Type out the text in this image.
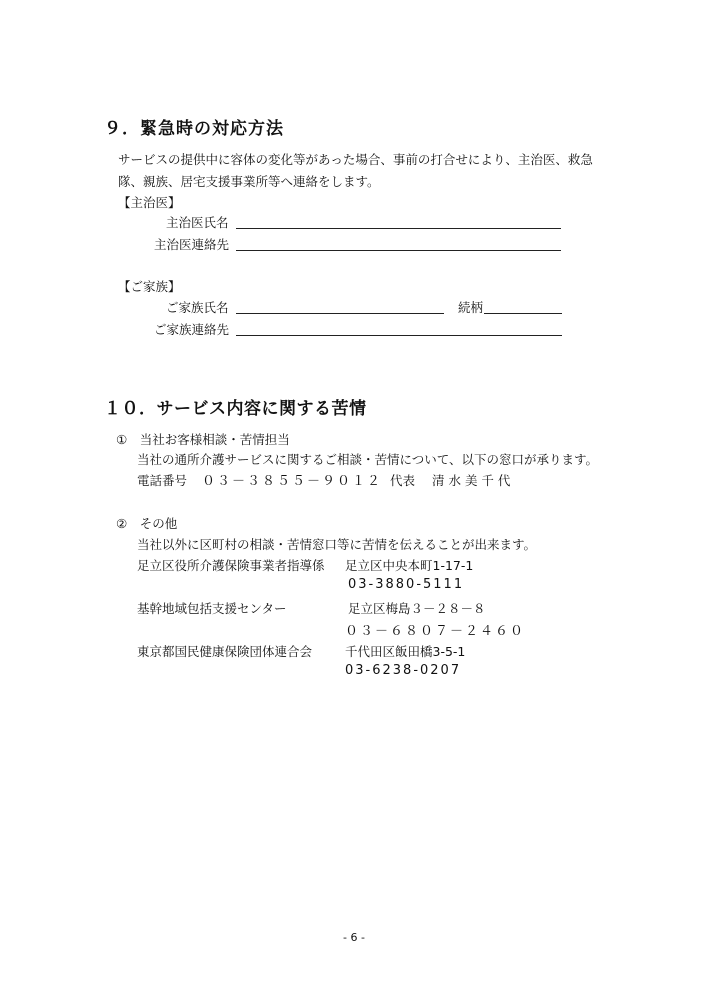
９．緊急時の対応方法
サービスの提供中に容体の変化等があった場合、事前の打合せにより、主治医、救急
隊、親族、居宅支援事業所等へ連絡をします。
【主治医】
主治医氏名
主治医連絡先
【ご家族】
ご家族氏名	続柄
ご家族連絡先
１０．サービス内容に関する苦情
①　当社お客様相談・苦情担当
当社の通所介護サービスに関するご相談・苦情について、以下の窓口が承ります。
電話番号 ０３－３８５５－９０１２ 代表 清 水 美 千 代
②　その他
当社以外に区町村の相談・苦情窓口等に苦情を伝えることが出来ます。
足立区役所介護保険事業者指導係 足立区中央本町1-17-1
03-3880-5111
基幹地域包括支援センター	足立区梅島３－２８－８
０３－６８０７－２４６０
東京都国民健康保険団体連合会	千代田区飯田橋3-5-1
03-6238-0207
- 6 -
